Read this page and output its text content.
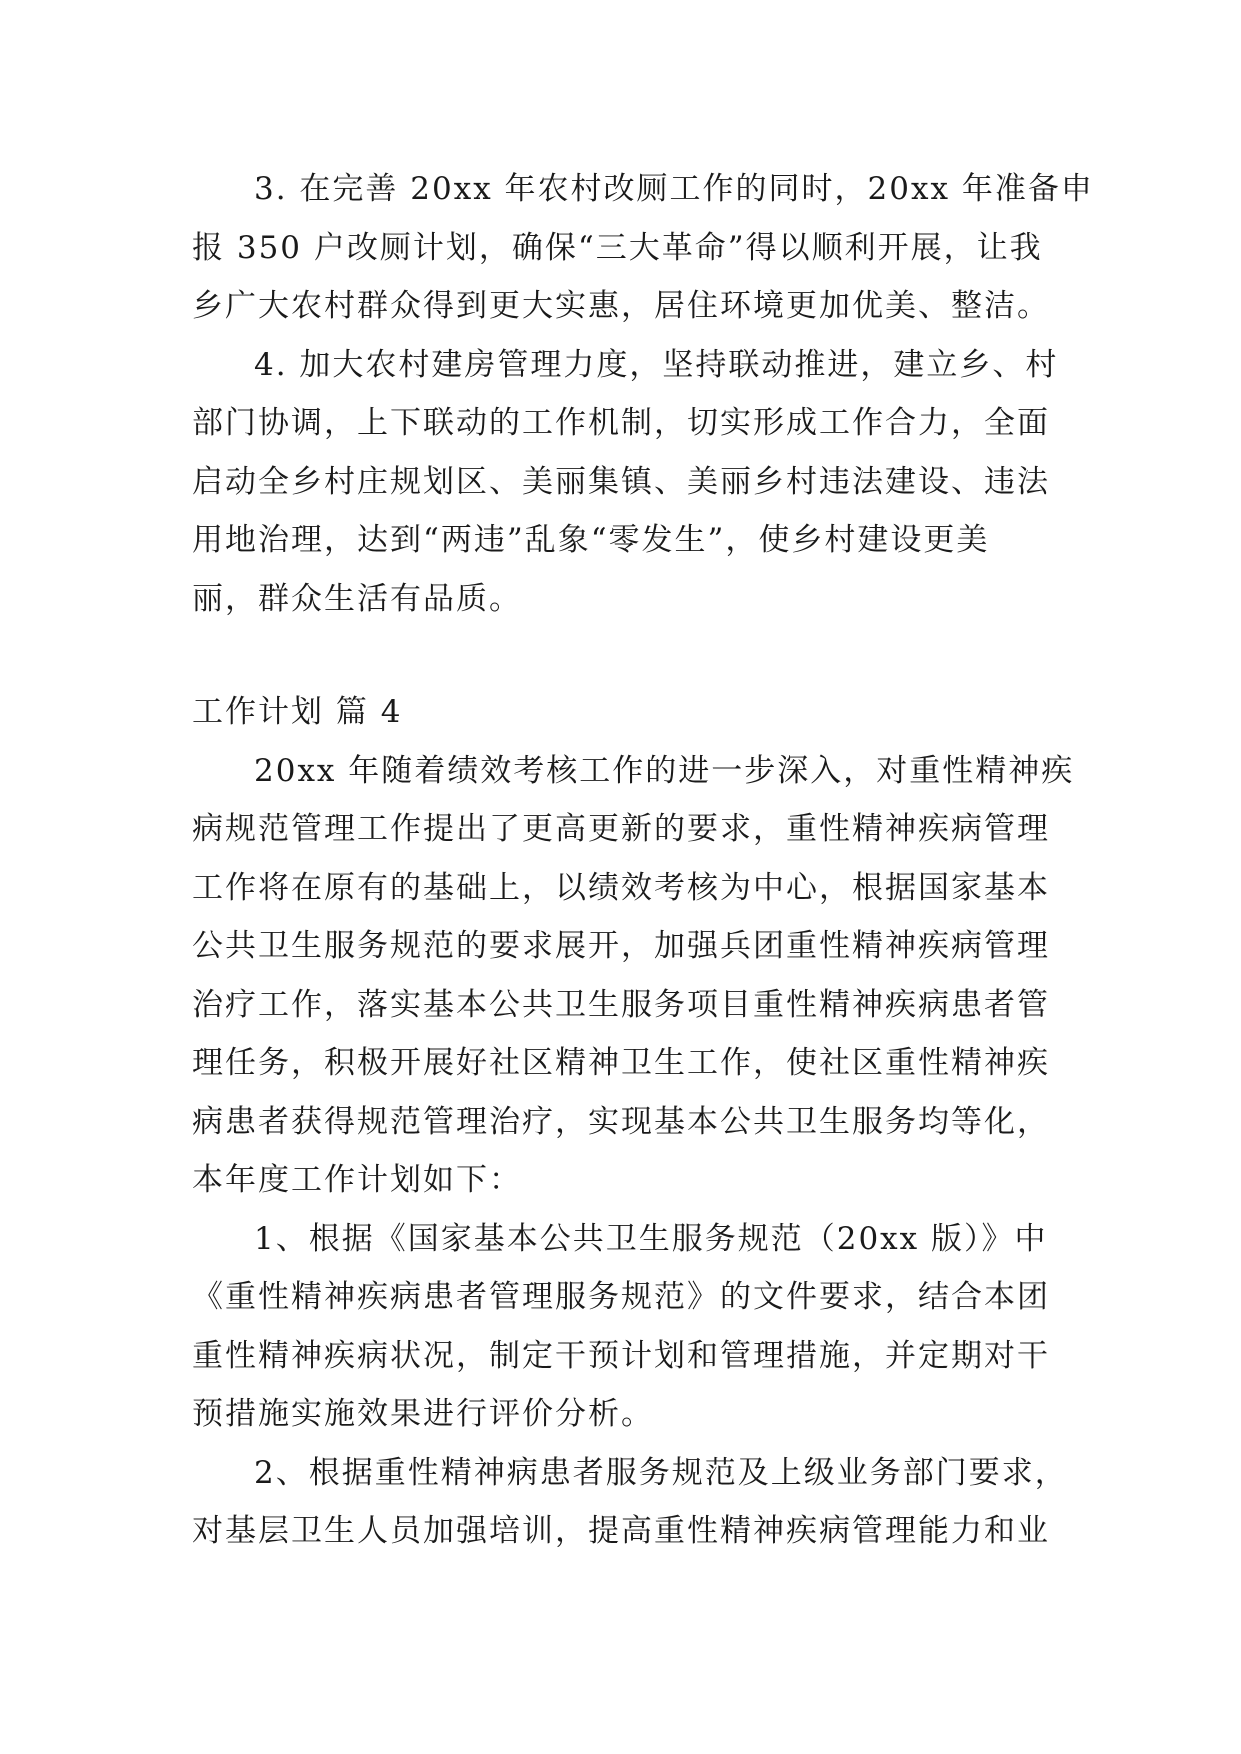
3. 在完善 20xx 年农村改厕工作的同时，20xx 年准备申
报 350 户改厕计划，确保“三大革命”得以顺利开展，让我
乡广大农村群众得到更大实惠，居住环境更加优美、整洁。
4. 加大农村建房管理力度，坚持联动推进，建立乡、村
部门协调，上下联动的工作机制，切实形成工作合力，全面
启动全乡村庄规划区、美丽集镇、美丽乡村违法建设、违法
用地治理，达到“两违”乱象“零发生”，使乡村建设更美
丽，群众生活有品质。
工作计划 篇 4
20xx 年随着绩效考核工作的进一步深入，对重性精神疾
病规范管理工作提出了更高更新的要求，重性精神疾病管理
工作将在原有的基础上，以绩效考核为中心，根据国家基本
公共卫生服务规范的要求展开，加强兵团重性精神疾病管理
治疗工作，落实基本公共卫生服务项目重性精神疾病患者管
理任务，积极开展好社区精神卫生工作，使社区重性精神疾
病患者获得规范管理治疗，实现基本公共卫生服务均等化，
本年度工作计划如下：
1、根据《国家基本公共卫生服务规范（20xx 版）》中
《重性精神疾病患者管理服务规范》的文件要求，结合本团
重性精神疾病状况，制定干预计划和管理措施，并定期对干
预措施实施效果进行评价分析。
2、根据重性精神病患者服务规范及上级业务部门要求，
对基层卫生人员加强培训，提高重性精神疾病管理能力和业
